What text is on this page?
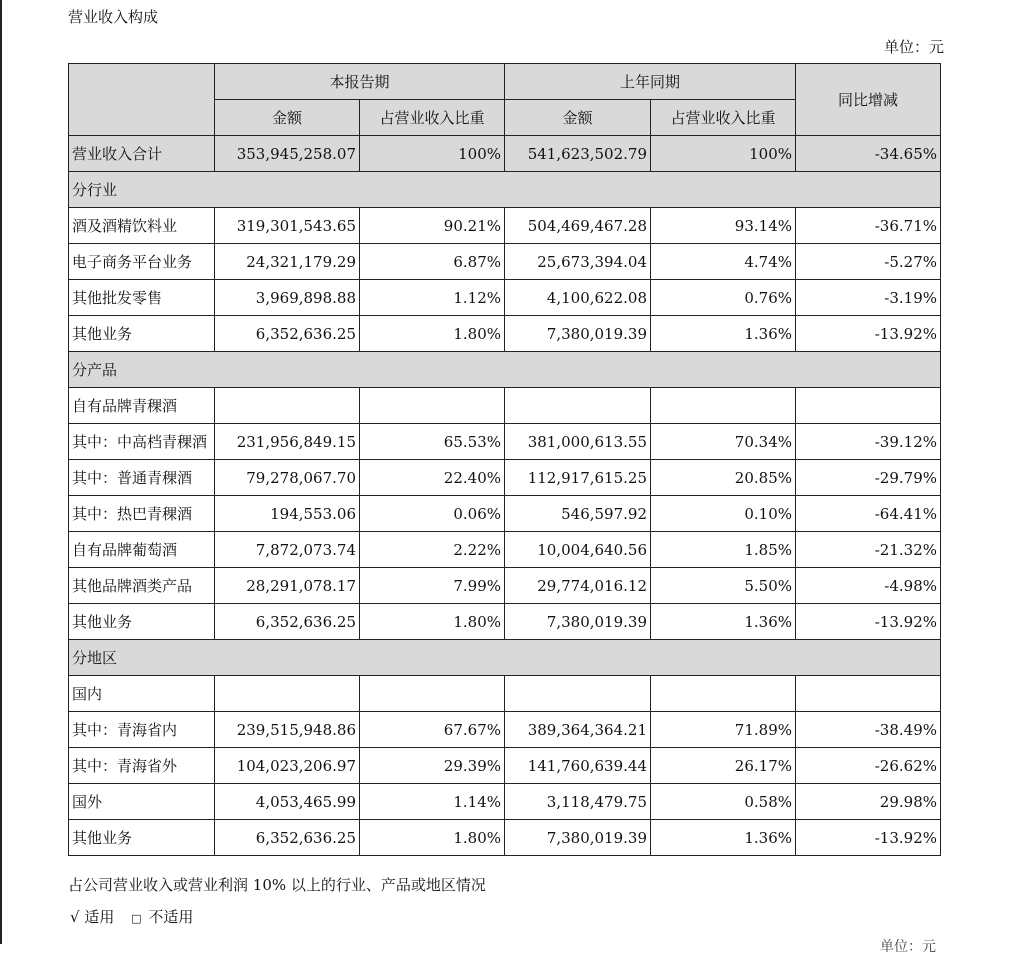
营业收入构成
单位：元
	本报告期		上年同期		同比增减
	金额	占营业收入比重	金额	占营业收入比重	
营业收入合计	353,945,258.07	100%	541,623,502.79	100%	-34.65%
分行业					
酒及酒精饮料业	319,301,543.65	90.21%	504,469,467.28	93.14%	-36.71%
电子商务平台业务	24,321,179.29	6.87%	25,673,394.04	4.74%	-5.27%
其他批发零售	3,969,898.88	1.12%	4,100,622.08	0.76%	-3.19%
其他业务	6,352,636.25	1.80%	7,380,019.39	1.36%	-13.92%
分产品					
自有品牌青稞酒					
其中：中高档青稞酒	231,956,849.15	65.53%	381,000,613.55	70.34%	-39.12%
其中：普通青稞酒	79,278,067.70	22.40%	112,917,615.25	20.85%	-29.79%
其中：热巴青稞酒	194,553.06	0.06%	546,597.92	0.10%	-64.41%
自有品牌葡萄酒	7,872,073.74	2.22%	10,004,640.56	1.85%	-21.32%
其他品牌酒类产品	28,291,078.17	7.99%	29,774,016.12	5.50%	-4.98%
其他业务	6,352,636.25	1.80%	7,380,019.39	1.36%	-13.92%
分地区					
国内					
其中：青海省内	239,515,948.86	67.67%	389,364,364.21	71.89%	-38.49%
其中：青海省外	104,023,206.97	29.39%	141,760,639.44	26.17%	-26.62%
国外	4,053,465.99	1.14%	3,118,479.75	0.58%	29.98%
其他业务	6,352,636.25	1.80%	7,380,019.39	1.36%	-13.92%
占公司营业收入或营业利润 10% 以上的行业、产品或地区情况
√ 适用 □ 不适用
单位：元
